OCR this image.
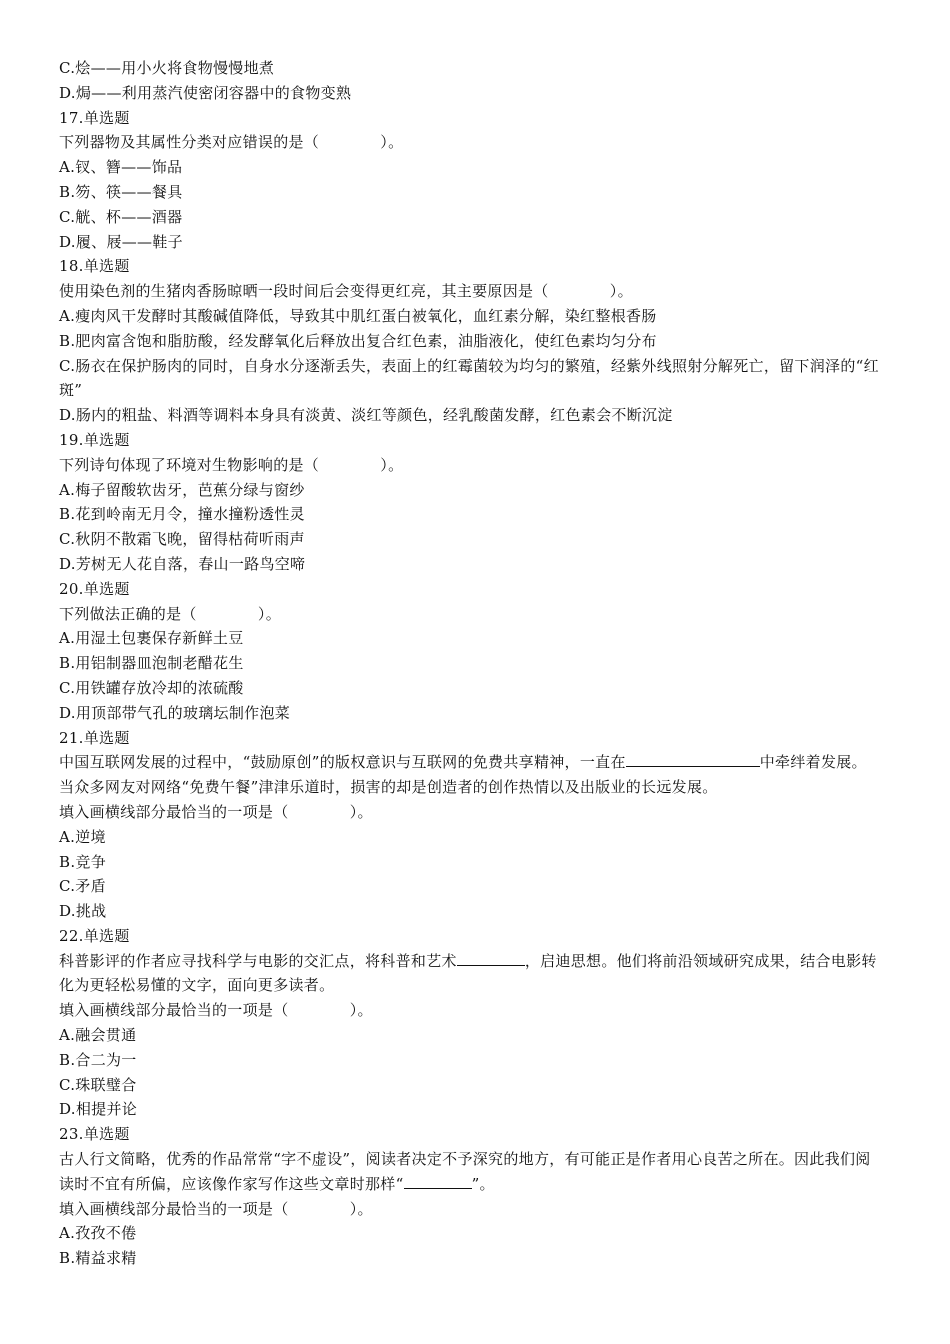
C.烩——用小火将食物慢慢地煮

D.焗——利用蒸汽使密闭容器中的食物变熟

17.单选题

下列器物及其属性分类对应错误的是（　　　　）。

A.钗、簪——饰品

B.笏、筷——餐具

C.觥、杯——酒器

D.履、屐——鞋子

18.单选题

使用染色剂的生猪肉香肠晾晒一段时间后会变得更红亮，其主要原因是（　　　　）。

A.瘦肉风干发酵时其酸碱值降低，导致其中肌红蛋白被氧化，血红素分解，染红整根香肠

B.肥肉富含饱和脂肪酸，经发酵氧化后释放出复合红色素，油脂液化，使红色素均匀分布

C.肠衣在保护肠肉的同时，自身水分逐渐丢失，表面上的红霉菌较为均匀的繁殖，经紫外线照射分解死亡，留下润泽的“红斑”

D.肠内的粗盐、料酒等调料本身具有淡黄、淡红等颜色，经乳酸菌发酵，红色素会不断沉淀

19.单选题

下列诗句体现了环境对生物影响的是（　　　　）。

A.梅子留酸软齿牙，芭蕉分绿与窗纱

B.花到岭南无月令，撞水撞粉透性灵

C.秋阴不散霜飞晚，留得枯荷听雨声

D.芳树无人花自落，春山一路鸟空啼

20.单选题

下列做法正确的是（　　　　）。

A.用湿土包裹保存新鲜土豆

B.用铝制器皿泡制老醋花生

C.用铁罐存放冷却的浓硫酸

D.用顶部带气孔的玻璃坛制作泡菜

21.单选题

中国互联网发展的过程中，“鼓励原创”的版权意识与互联网的免费共享精神，一直在	中牵绊着发展。当众多网友对网络“免费午餐”津津乐道时，损害的却是创造者的创作热情以及出版业的长远发展。

填入画横线部分最恰当的一项是（　　　　）。

A.逆境

B.竞争

C.矛盾

D.挑战

22.单选题

科普影评的作者应寻找科学与电影的交汇点，将科普和艺术	，启迪思想。他们将前沿领域研究成果，结合电影转化为更轻松易懂的文字，面向更多读者。

填入画横线部分最恰当的一项是（　　　　）。

A.融会贯通

B.合二为一

C.珠联璧合

D.相提并论

23.单选题

古人行文简略，优秀的作品常常“字不虚设”，阅读者决定不予深究的地方，有可能正是作者用心良苦之所在。因此我们阅读时不宜有所偏，应该像作家写作这些文章时那样“	”。

填入画横线部分最恰当的一项是（　　　　）。

A.孜孜不倦

B.精益求精
